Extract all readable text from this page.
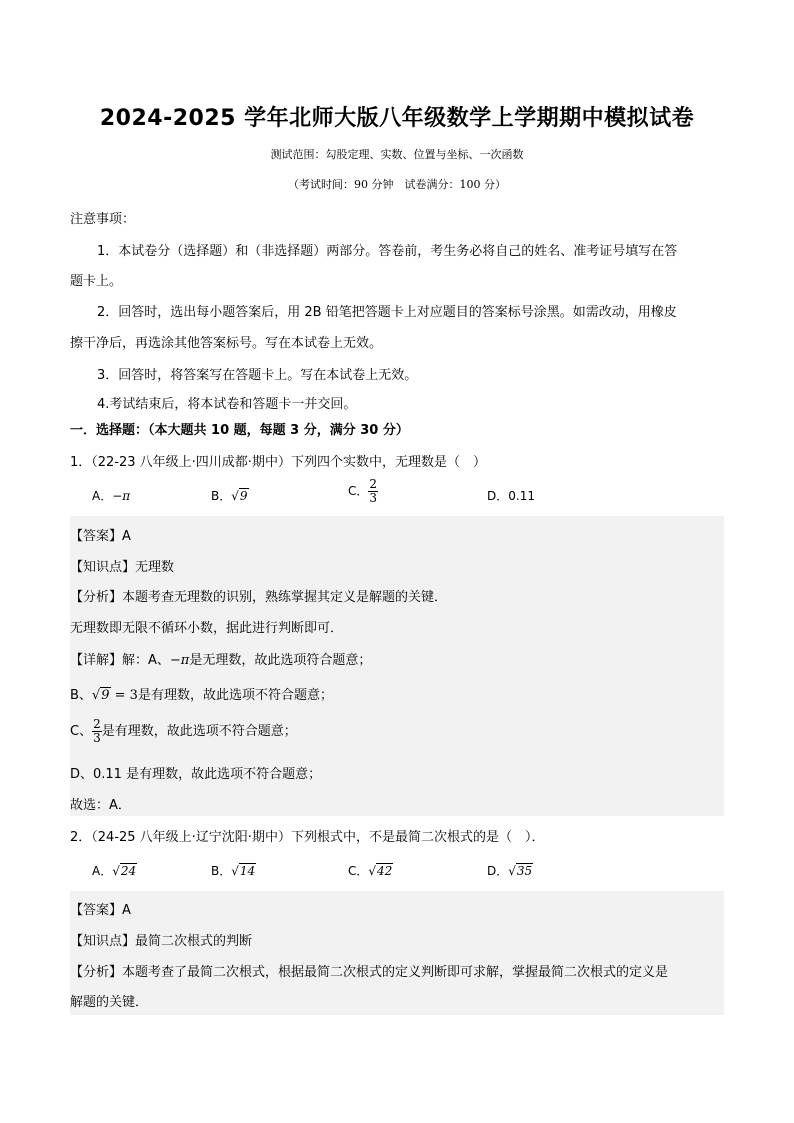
2024-2025 学年北师大版八年级数学上学期期中模拟试卷
测试范围：勾股定理、实数、位置与坐标、一次函数
（考试时间：90 分钟　试卷满分：100 分）
注意事项：
1．本试卷分（选择题）和（非选择题）两部分。答卷前，考生务必将自己的姓名、准考证号填写在答
题卡上。
2．回答时，选出每小题答案后，用 2B 铅笔把答题卡上对应题目的答案标号涂黑。如需改动，用橡皮
擦干净后，再选涂其他答案标号。写在本试卷上无效。
3．回答时，将答案写在答题卡上。写在本试卷上无效。
4.考试结束后，将本试卷和答题卡一并交回。
一．选择题：（本大题共 10 题，每题 3 分，满分 30 分）
1．（22-23 八年级上·四川成都·期中）下列四个实数中，无理数是（　）
A．−π	B．√9	C． $\frac{2}{3}$	D．0.11
【答案】A
【知识点】无理数
【分析】本题考查无理数的识别，熟练掌握其定义是解题的关键．
无理数即无限不循环小数，据此进行判断即可．
【详解】解：A、−π是无理数，故此选项符合题意；
B、√9 = 3是有理数，故此选项不符合题意；
C、 $\frac{2}{3}$ 是有理数，故此选项不符合题意；
D、0.11 是有理数，故此选项不符合题意；
故选：A．
2．（24-25 八年级上·辽宁沈阳·期中）下列根式中，不是最简二次根式的是（　）．
A．√24	B．√14	C．√42	D．√35
【答案】A
【知识点】最简二次根式的判断
【分析】本题考查了最简二次根式，根据最简二次根式的定义判断即可求解，掌握最简二次根式的定义是
解题的关键．
